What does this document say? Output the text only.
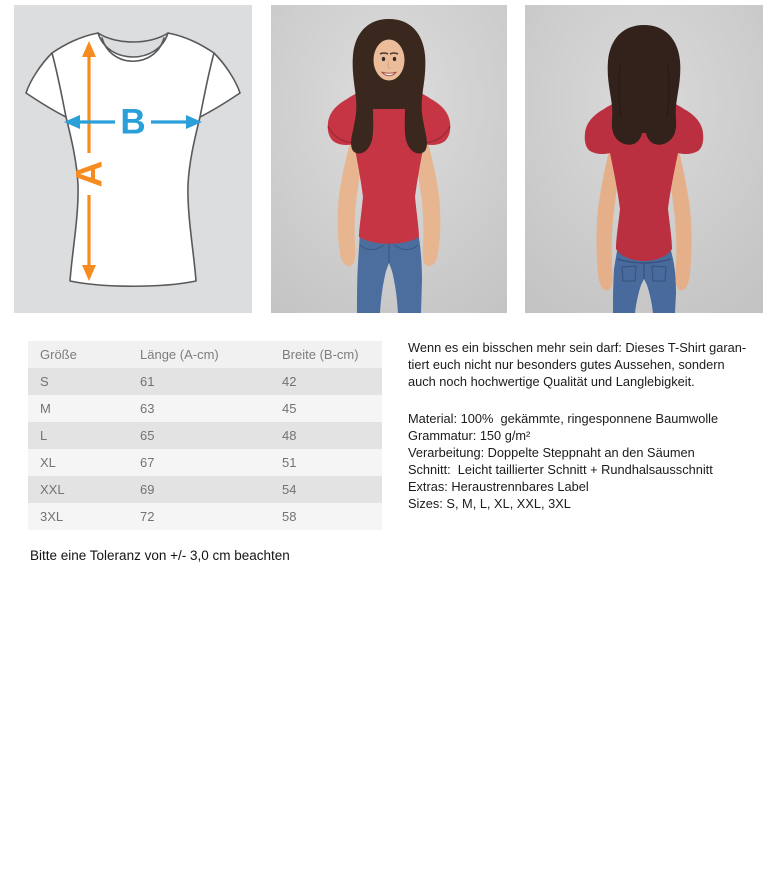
A
B
Größe	Länge (A-cm)	Breite (B-cm)
S	61	42
M	63	45
L	65	48
XL	67	51
XXL	69	54
3XL	72	58
Wenn es ein bisschen mehr sein darf: Dieses T-Shirt garan-
tiert euch nicht nur besonders gutes Aussehen, sondern
auch noch hochwertige Qualität und Langlebigkeit.
Material: 100%  gekämmte, ringesponnene Baumwolle
Grammatur: 150 g/m²
Verarbeitung: Doppelte Steppnaht an den Säumen
Schnitt:  Leicht taillierter Schnitt + Rundhalsausschnitt
Extras: Heraustrennbares Label
Sizes: S, M, L, XL, XXL, 3XL
Bitte eine Toleranz von +/- 3,0 cm beachten
